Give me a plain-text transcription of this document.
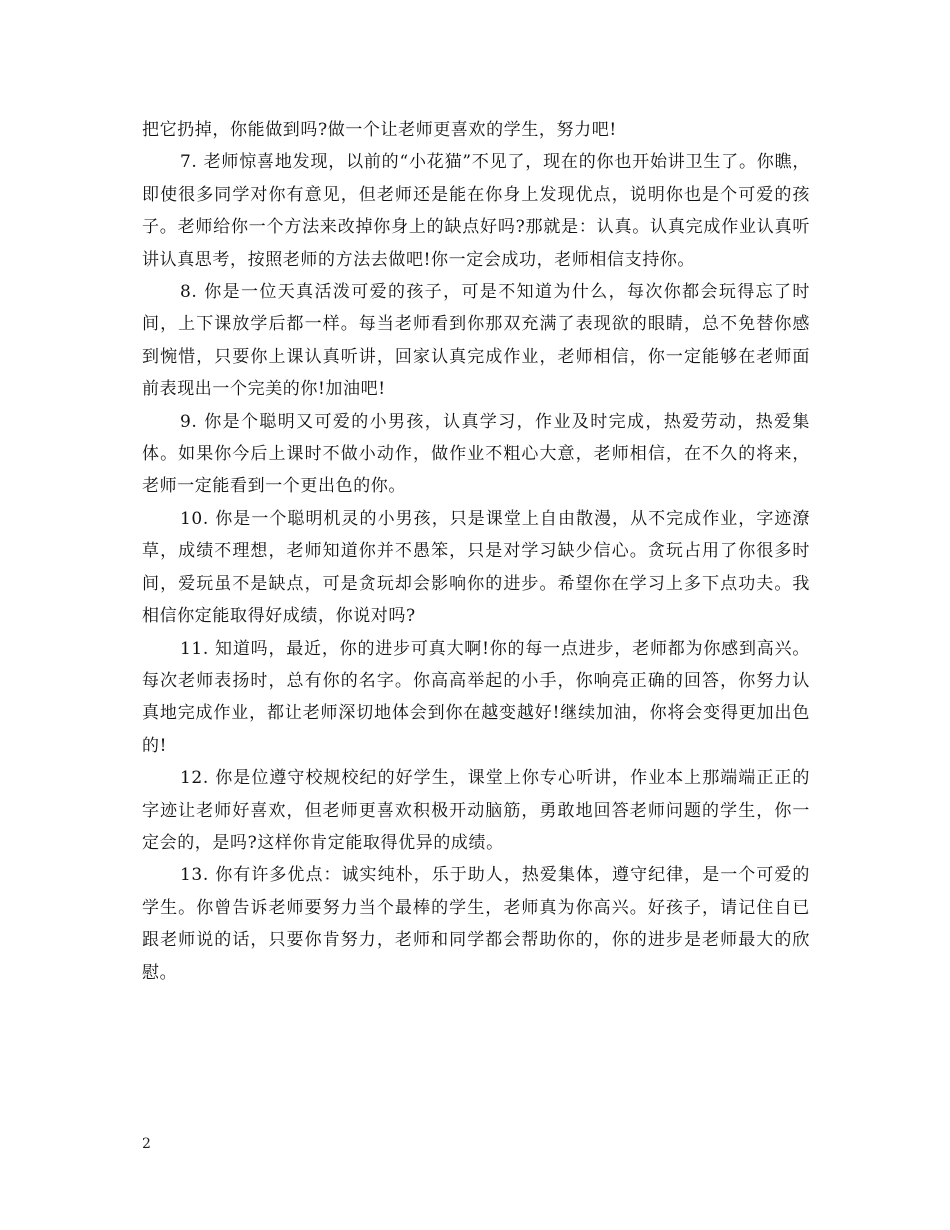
把它扔掉，你能做到吗?做一个让老师更喜欢的学生，努力吧!

7. 老师惊喜地发现，以前的“小花猫”不见了，现在的你也开始讲卫生了。你瞧，即使很多同学对你有意见，但老师还是能在你身上发现优点，说明你也是个可爱的孩子。老师给你一个方法来改掉你身上的缺点好吗?那就是：认真。认真完成作业认真听讲认真思考，按照老师的方法去做吧!你一定会成功，老师相信支持你。

8. 你是一位天真活泼可爱的孩子，可是不知道为什么，每次你都会玩得忘了时间，上下课放学后都一样。每当老师看到你那双充满了表现欲的眼睛，总不免替你感到惋惜，只要你上课认真听讲，回家认真完成作业，老师相信，你一定能够在老师面前表现出一个完美的你!加油吧!

9. 你是个聪明又可爱的小男孩，认真学习，作业及时完成，热爱劳动，热爱集体。如果你今后上课时不做小动作，做作业不粗心大意，老师相信，在不久的将来，老师一定能看到一个更出色的你。

10. 你是一个聪明机灵的小男孩，只是课堂上自由散漫，从不完成作业，字迹潦草，成绩不理想，老师知道你并不愚笨，只是对学习缺少信心。贪玩占用了你很多时间，爱玩虽不是缺点，可是贪玩却会影响你的进步。希望你在学习上多下点功夫。我相信你定能取得好成绩，你说对吗?

11. 知道吗，最近，你的进步可真大啊!你的每一点进步，老师都为你感到高兴。每次老师表扬时，总有你的名字。你高高举起的小手，你响亮正确的回答，你努力认真地完成作业，都让老师深切地体会到你在越变越好!继续加油，你将会变得更加出色的!

12. 你是位遵守校规校纪的好学生，课堂上你专心听讲，作业本上那端端正正的字迹让老师好喜欢，但老师更喜欢积极开动脑筋，勇敢地回答老师问题的学生，你一定会的，是吗?这样你肯定能取得优异的成绩。

13. 你有许多优点：诚实纯朴，乐于助人，热爱集体，遵守纪律，是一个可爱的学生。你曾告诉老师要努力当个最棒的学生，老师真为你高兴。好孩子，请记住自已跟老师说的话，只要你肯努力，老师和同学都会帮助你的，你的进步是老师最大的欣慰。

2
